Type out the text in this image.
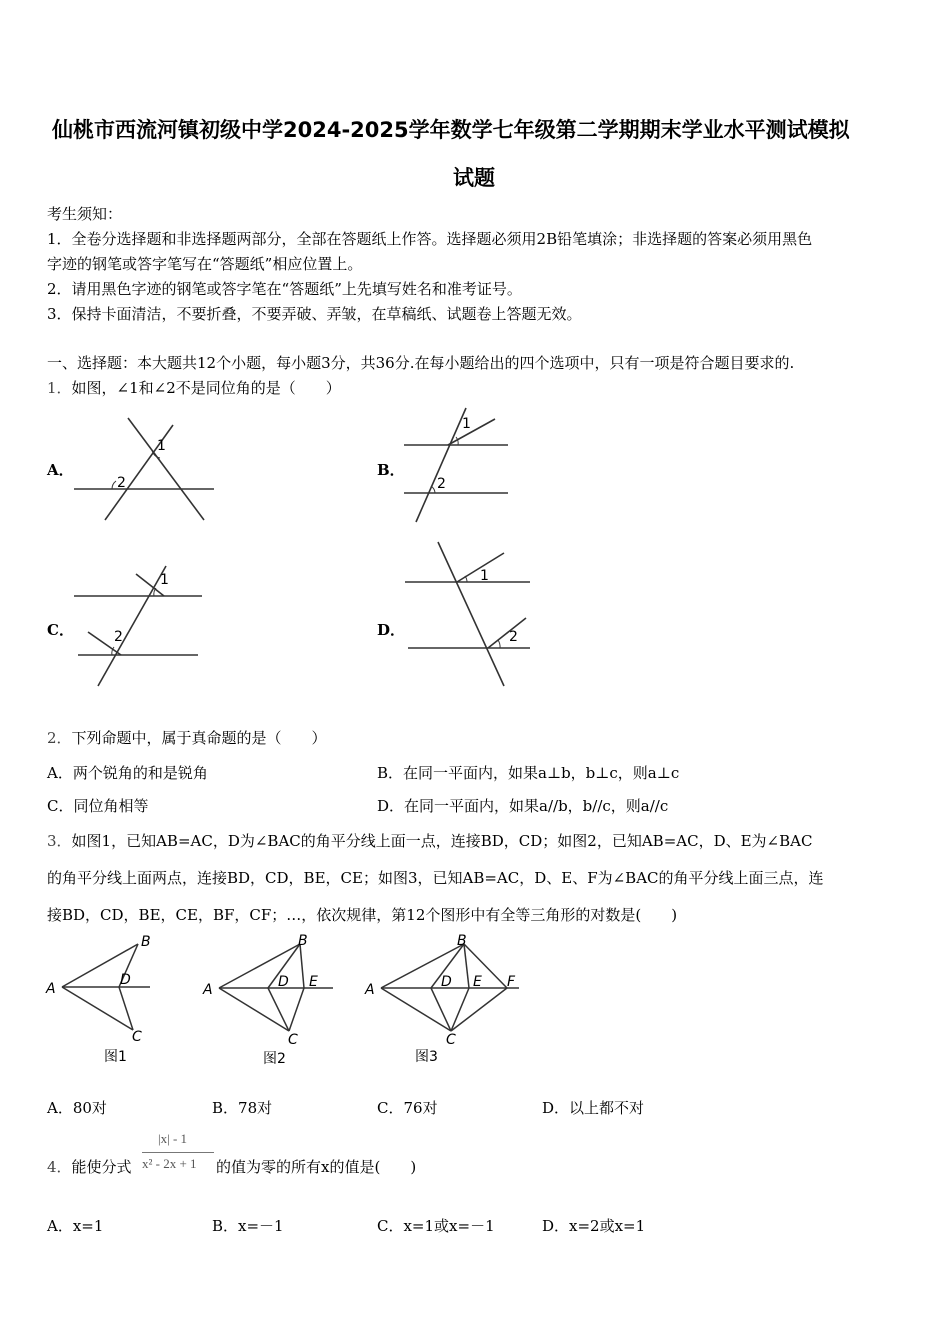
仙桃市西流河镇初级中学2024-2025学年数学七年级第二学期期末学业水平测试模拟
试题
考生须知：
1．全卷分选择题和非选择题两部分，全部在答题纸上作答。选择题必须用2B铅笔填涂；非选择题的答案必须用黑色
字迹的钢笔或答字笔写在“答题纸”相应位置上。
2．请用黑色字迹的钢笔或答字笔在“答题纸”上先填写姓名和准考证号。
3．保持卡面清洁，不要折叠，不要弄破、弄皱，在草稿纸、试题卷上答题无效。
一、选择题：本大题共12个小题，每小题3分，共36分.在每小题给出的四个选项中，只有一项是符合题目要求的.
1．如图，∠1和∠2不是同位角的是（　　）
A．
1
2
B．
1
2
C．
1
2	D．
1
2
2．下列命题中，属于真命题的是（　　）
A．两个锐角的和是锐角	B．在同一平面内，如果a⊥b，b⊥c，则a⊥c
C．同位角相等	D．在同一平面内，如果a//b，b//c，则a//c
3．如图1，已知AB=AC，D为∠BAC的角平分线上面一点，连接BD，CD；如图2，已知AB=AC，D、E为∠BAC
的角平分线上面两点，连接BD，CD，BE，CE；如图3，已知AB=AC，D、E、F为∠BAC的角平分线上面三点，连
接BD，CD，BE，CE，BF，CF；…，依次规律，第12个图形中有全等三角形的对数是(　　)
A
B
D
C
图1
A
B
D E
C
图2
A
B
D E F
C
图3
A．80对	B．78对	C．76对	D．以上都不对
4．能使分式
|x| - 1
x² - 2x + 1 的值为零的所有x的值是(　　)
A．x=1	B．x=－1	C．x=1或x=－1	D．x=2或x=1
